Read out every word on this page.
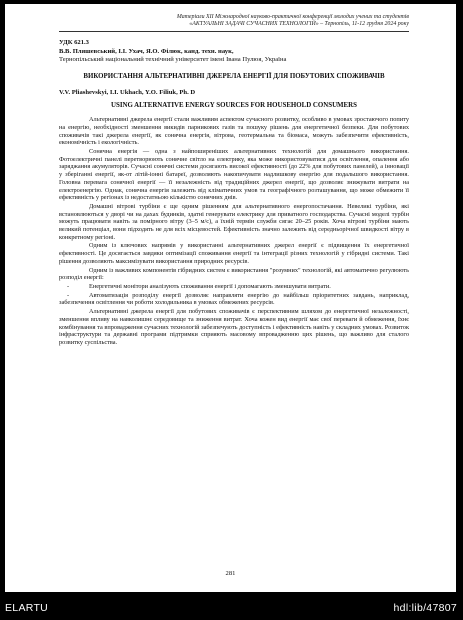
Матеріали ХІІ Міжнародної науково-практичної конференції молодих учених та студентів
«АКТУАЛЬНІ ЗАДАЧІ СУЧАСНИХ ТЕХНОЛОГІЙ» – Тернопіль, 11-12 грудня 2024 року
УДК 621.3
В.В. Пляшевський, І.І. Ухач, Я.О. Філюк, канд. техн. наук,
Тернопільський національний технічний університет імені Івана Пулюя, Україна
ВИКОРИСТАННЯ АЛЬТЕРНАТИВНІ ДЖЕРЕЛА ЕНЕРГІЇ ДЛЯ ПОБУТОВИХ СПОЖИВАЧІВ
V.V. Pliashevskyi, I.I. Ukhach, Y.O. Filiuk, Ph. D
USING ALTERNATIVE ENERGY SOURCES FOR HOUSEHOLD CONSUMERS

Альтернативні джерела енергії стали важливим аспектом сучасного розвитку, особливо в умовах зростаючого попиту на енергію, необхідності зменшення викидів парникових газів та пошуку рішень для енергетичної безпеки. Для побутових споживачів такі джерела енергії, як сонячна енергія, вітрова, геотермальна та біомаса, можуть забезпечити ефективність, економічність і екологічність.

Сонячна енергія — одна з найпоширеніших альтернативних технологій для домашнього використання. Фотоелектричні панелі перетворюють сонячне світло на електрику, яка може використовуватися для освітлення, опалення або заряджання акумуляторів. Сучасні сонячні системи досягають високої ефективності (до 22% для побутових панелей), а інновації у зберіганні енергії, як-от літій-іонні батареї, дозволяють накопичувати надлишкову енергію для подальшого використання. Головна перевага сонячної енергії — її незалежність від традиційних джерел енергії, що дозволяє знижувати витрати на електроенергію. Однак, сонячна енергія залежить від кліматичних умов та географічного розташування, що може обмежити її ефективність у регіонах із недостатньою кількістю сонячних днів.

Домашні вітрові турбіни є ще одним рішенням для альтернативного енергопостачання. Невеликі турбіни, які встановлюються у дворі чи на дахах будинків, здатні генерувати електрику для приватного господарства. Сучасні моделі турбін можуть працювати навіть за помірного вітру (3–5 м/с), а їхній термін служби сягає 20–25 років. Хоча вітрові турбіни мають великий потенціал, вони підходять не для всіх місцевостей. Ефективність значно залежить від середньорічної швидкості вітру в конкретному регіоні.

Одним із ключових напрямів у використанні альтернативних джерел енергії є підвищення їх енергетичної ефективності. Це досягається завдяки оптимізації споживання енергії та інтеграції різних технологій у гібридні системи. Такі рішення дозволяють максимізувати використання природних ресурсів.

Одним із важливих компонентів гібридних систем є використання "розумних" технологій, які автоматично регулюють розподіл енергії:

-	Енергетичні монітори аналізують споживання енергії і допомагають зменшувати витрати.

-	Автоматизація розподілу енергії дозволяє направляти енергію до найбільш пріоритетних завдань, наприклад, забезпечення освітлення чи роботи холодильника в умовах обмежених ресурсів.

Альтернативні джерела енергії для побутових споживачів є перспективним шляхом до енергетичної незалежності, зменшення впливу на навколишнє середовище та зниження витрат. Хоча кожен вид енергії має свої переваги й обмеження, їхнє комбінування та впровадження сучасних технологій забезпечують доступність і ефективність навіть у складних умовах. Розвиток інфраструктури та державні програми підтримки сприяють масовому впровадженню цих рішень, що важливо для сталого розвитку суспільства.

281
ELARTU	hdl:lib/47807
